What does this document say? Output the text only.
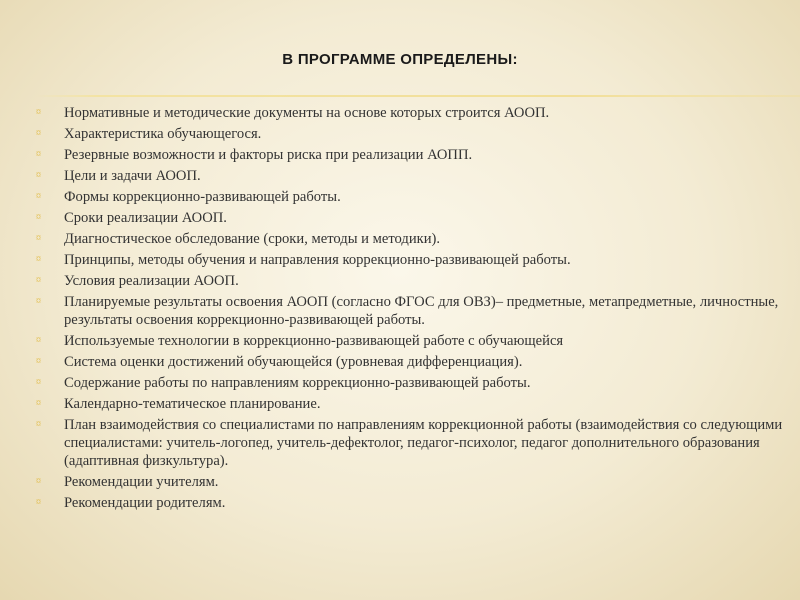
В ПРОГРАММЕ ОПРЕДЕЛЕНЫ:
¤ Нормативные и методические документы на основе которых строится АООП.
¤ Характеристика обучающегося.
¤ Резервные возможности и факторы риска при реализации АОПП.
¤ Цели и задачи АООП.
¤ Формы коррекционно-развивающей работы.
¤ Сроки реализации АООП.
¤ Диагностическое обследование (сроки, методы и методики).
¤ Принципы, методы обучения и направления коррекционно-развивающей работы.
¤ Условия реализации АООП.
¤ Планируемые результаты освоения АООП (согласно ФГОС для ОВЗ)– предметные, метапредметные, личностные, результаты освоения коррекционно-развивающей работы.
¤ Используемые технологии в коррекционно-развивающей работе с обучающейся
¤ Система оценки достижений обучающейся (уровневая дифференциация).
¤ Содержание работы по направлениям коррекционно-развивающей работы.
¤ Календарно-тематическое планирование.
¤ План взаимодействия со специалистами по направлениям коррекционной работы (взаимодействия со следующими специалистами: учитель-логопед, учитель-дефектолог, педагог-психолог, педагог дополнительного образования (адаптивная физкультура).
¤ Рекомендации учителям.
¤ Рекомендации родителям.
